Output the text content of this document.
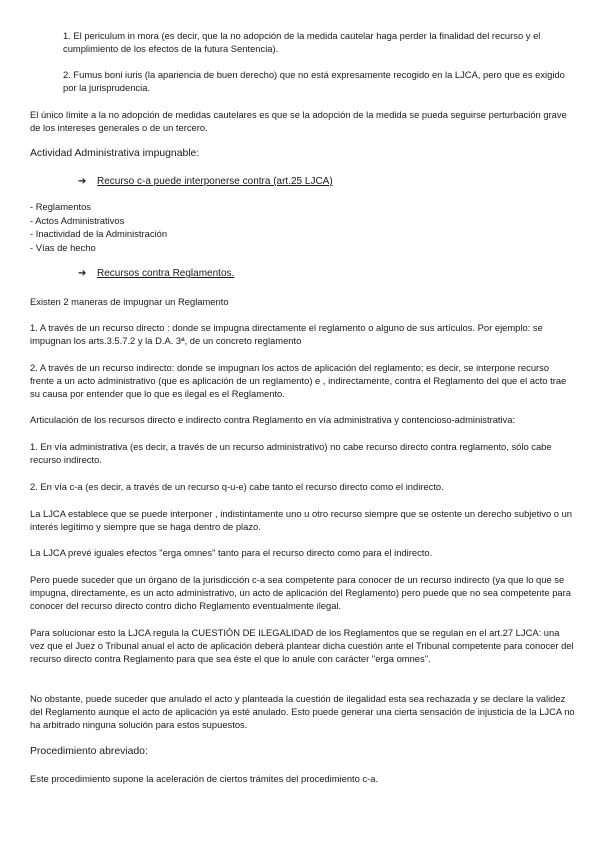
1. El periculum in mora (es decir, que la no adopción de la medida cautelar haga perder la finalidad del recurso y el cumplimiento de los efectos de la futura Sentencia).

2. Fumus boni iuris (la apariencia de buen derecho) que no está expresamente recogido en la LJCA, pero que es exigido por la jurisprudencia.

El único límite a la no adopción de medidas cautelares es que se la adopción de la medida se pueda seguirse perturbación grave de los intereses generales o de un tercero.

Actividad Administrativa impugnable:

➔ Recurso c-a puede interponerse contra (art.25 LJCA)

- Reglamentos
- Actos Administrativos
- Inactividad de la Administración
- Vías de hecho

➔ Recursos contra Reglamentos.

Existen 2 maneras de impugnar un Reglamento

1. A través de un recurso directo : donde se impugna directamente el reglamento o alguno de sus artículos. Por ejemplo: se impugnan los arts.3.5.7.2 y la D.A. 3ª, de un concreto reglamento

2. A través de un recurso indirecto: donde se impugnan los actos de aplicación del reglamento; es decir, se interpone recurso frente a un acto administrativo (que es aplicación de un reglamento) e , indirectamente, contra el Reglamento del que el acto trae su causa por entender que lo que es ilegal es el Reglamento.

Articulación de los recursos directo e indirecto contra Reglamento en vía administrativa y contencioso-administrativa:

1. En vía administrativa (es decir, a través de un recurso administrativo) no cabe recurso directo contra reglamento, sólo cabe recurso indirecto.

2. En vía c-a (es decir, a través de un recurso q-u-e) cabe tanto el recurso directo como el indirecto.

La LJCA establece que se puede interponer , indistintamente uno u otro recurso siempre que se ostente un derecho subjetivo o un interés legítimo y siempre que se haga dentro de plazo.

La LJCA prevé iguales efectos "erga omnes" tanto para el recurso directo como para el indirecto.

Pero puede suceder que un órgano de la jurisdicción c-a sea competente para conocer de un recurso indirecto (ya que lo que se impugna, directamente, es un acto administrativo, un acto de aplicación del Reglamento) pero puede que no sea competente para conocer del recurso directo contro dicho Reglamento eventualmente ilegal.

Para solucionar esto la LJCA regula la CUESTIÓN DE ILEGALIDAD de los Reglamentos que se regulan en el art.27 LJCA: una vez que el Juez o Tribunal anual el acto de aplicación deberá plantear dicha cuestión ante el Tribunal competente para conocer del recurso directo contra Reglamento para que sea éste el que lo anule con carácter "erga omnes".

No obstante, puede suceder que anulado el acto y planteada la cuestión de ilegalidad esta sea rechazada y se declare la validez del Reglamento aunque el acto de aplicación ya esté anulado. Esto puede generar una cierta sensación de injusticia de la LJCA no ha arbitrado ninguna solución para estos supuestos.

Procedimiento abreviado:

Este procedimiento supone la aceleración de ciertos trámites del procedimiento c-a.
